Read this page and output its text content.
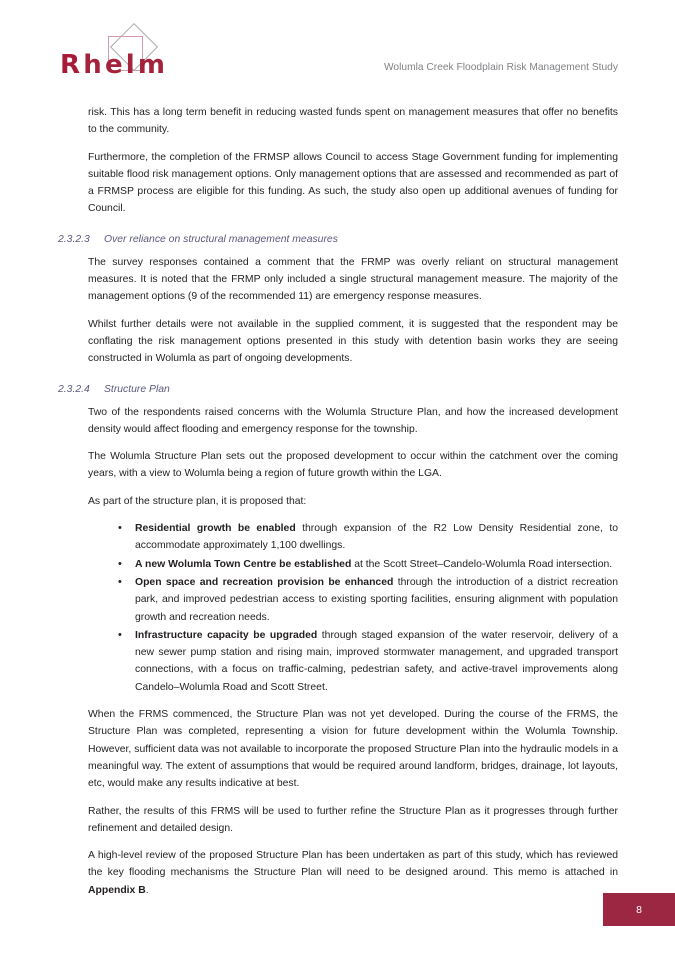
Rhelm	Wolumla Creek Floodplain Risk Management Study

risk. This has a long term benefit in reducing wasted funds spent on management measures that offer no benefits to the community.

Furthermore, the completion of the FRMSP allows Council to access Stage Government funding for implementing suitable flood risk management options. Only management options that are assessed and recommended as part of a FRMSP process are eligible for this funding. As such, the study also open up additional avenues of funding for Council.

2.3.2.3	Over reliance on structural management measures

The survey responses contained a comment that the FRMP was overly reliant on structural management measures. It is noted that the FRMP only included a single structural management measure. The majority of the management options (9 of the recommended 11) are emergency response measures.

Whilst further details were not available in the supplied comment, it is suggested that the respondent may be conflating the risk management options presented in this study with detention basin works they are seeing constructed in Wolumla as part of ongoing developments.

2.3.2.4	Structure Plan

Two of the respondents raised concerns with the Wolumla Structure Plan, and how the increased development density would affect flooding and emergency response for the township.

The Wolumla Structure Plan sets out the proposed development to occur within the catchment over the coming years, with a view to Wolumla being a region of future growth within the LGA.

As part of the structure plan, it is proposed that:

•	Residential growth be enabled through expansion of the R2 Low Density Residential zone, to accommodate approximately 1,100 dwellings.
•	A new Wolumla Town Centre be established at the Scott Street–Candelo-Wolumla Road intersection.
•	Open space and recreation provision be enhanced through the introduction of a district recreation park, and improved pedestrian access to existing sporting facilities, ensuring alignment with population growth and recreation needs.
•	Infrastructure capacity be upgraded through staged expansion of the water reservoir, delivery of a new sewer pump station and rising main, improved stormwater management, and upgraded transport connections, with a focus on traffic-calming, pedestrian safety, and active-travel improvements along Candelo–Wolumla Road and Scott Street.

When the FRMS commenced, the Structure Plan was not yet developed. During the course of the FRMS, the Structure Plan was completed, representing a vision for future development within the Wolumla Township. However, sufficient data was not available to incorporate the proposed Structure Plan into the hydraulic models in a meaningful way. The extent of assumptions that would be required around landform, bridges, drainage, lot layouts, etc, would make any results indicative at best.

Rather, the results of this FRMS will be used to further refine the Structure Plan as it progresses through further refinement and detailed design.

A high-level review of the proposed Structure Plan has been undertaken as part of this study, which has reviewed the key flooding mechanisms the Structure Plan will need to be designed around. This memo is attached in Appendix B.

8
